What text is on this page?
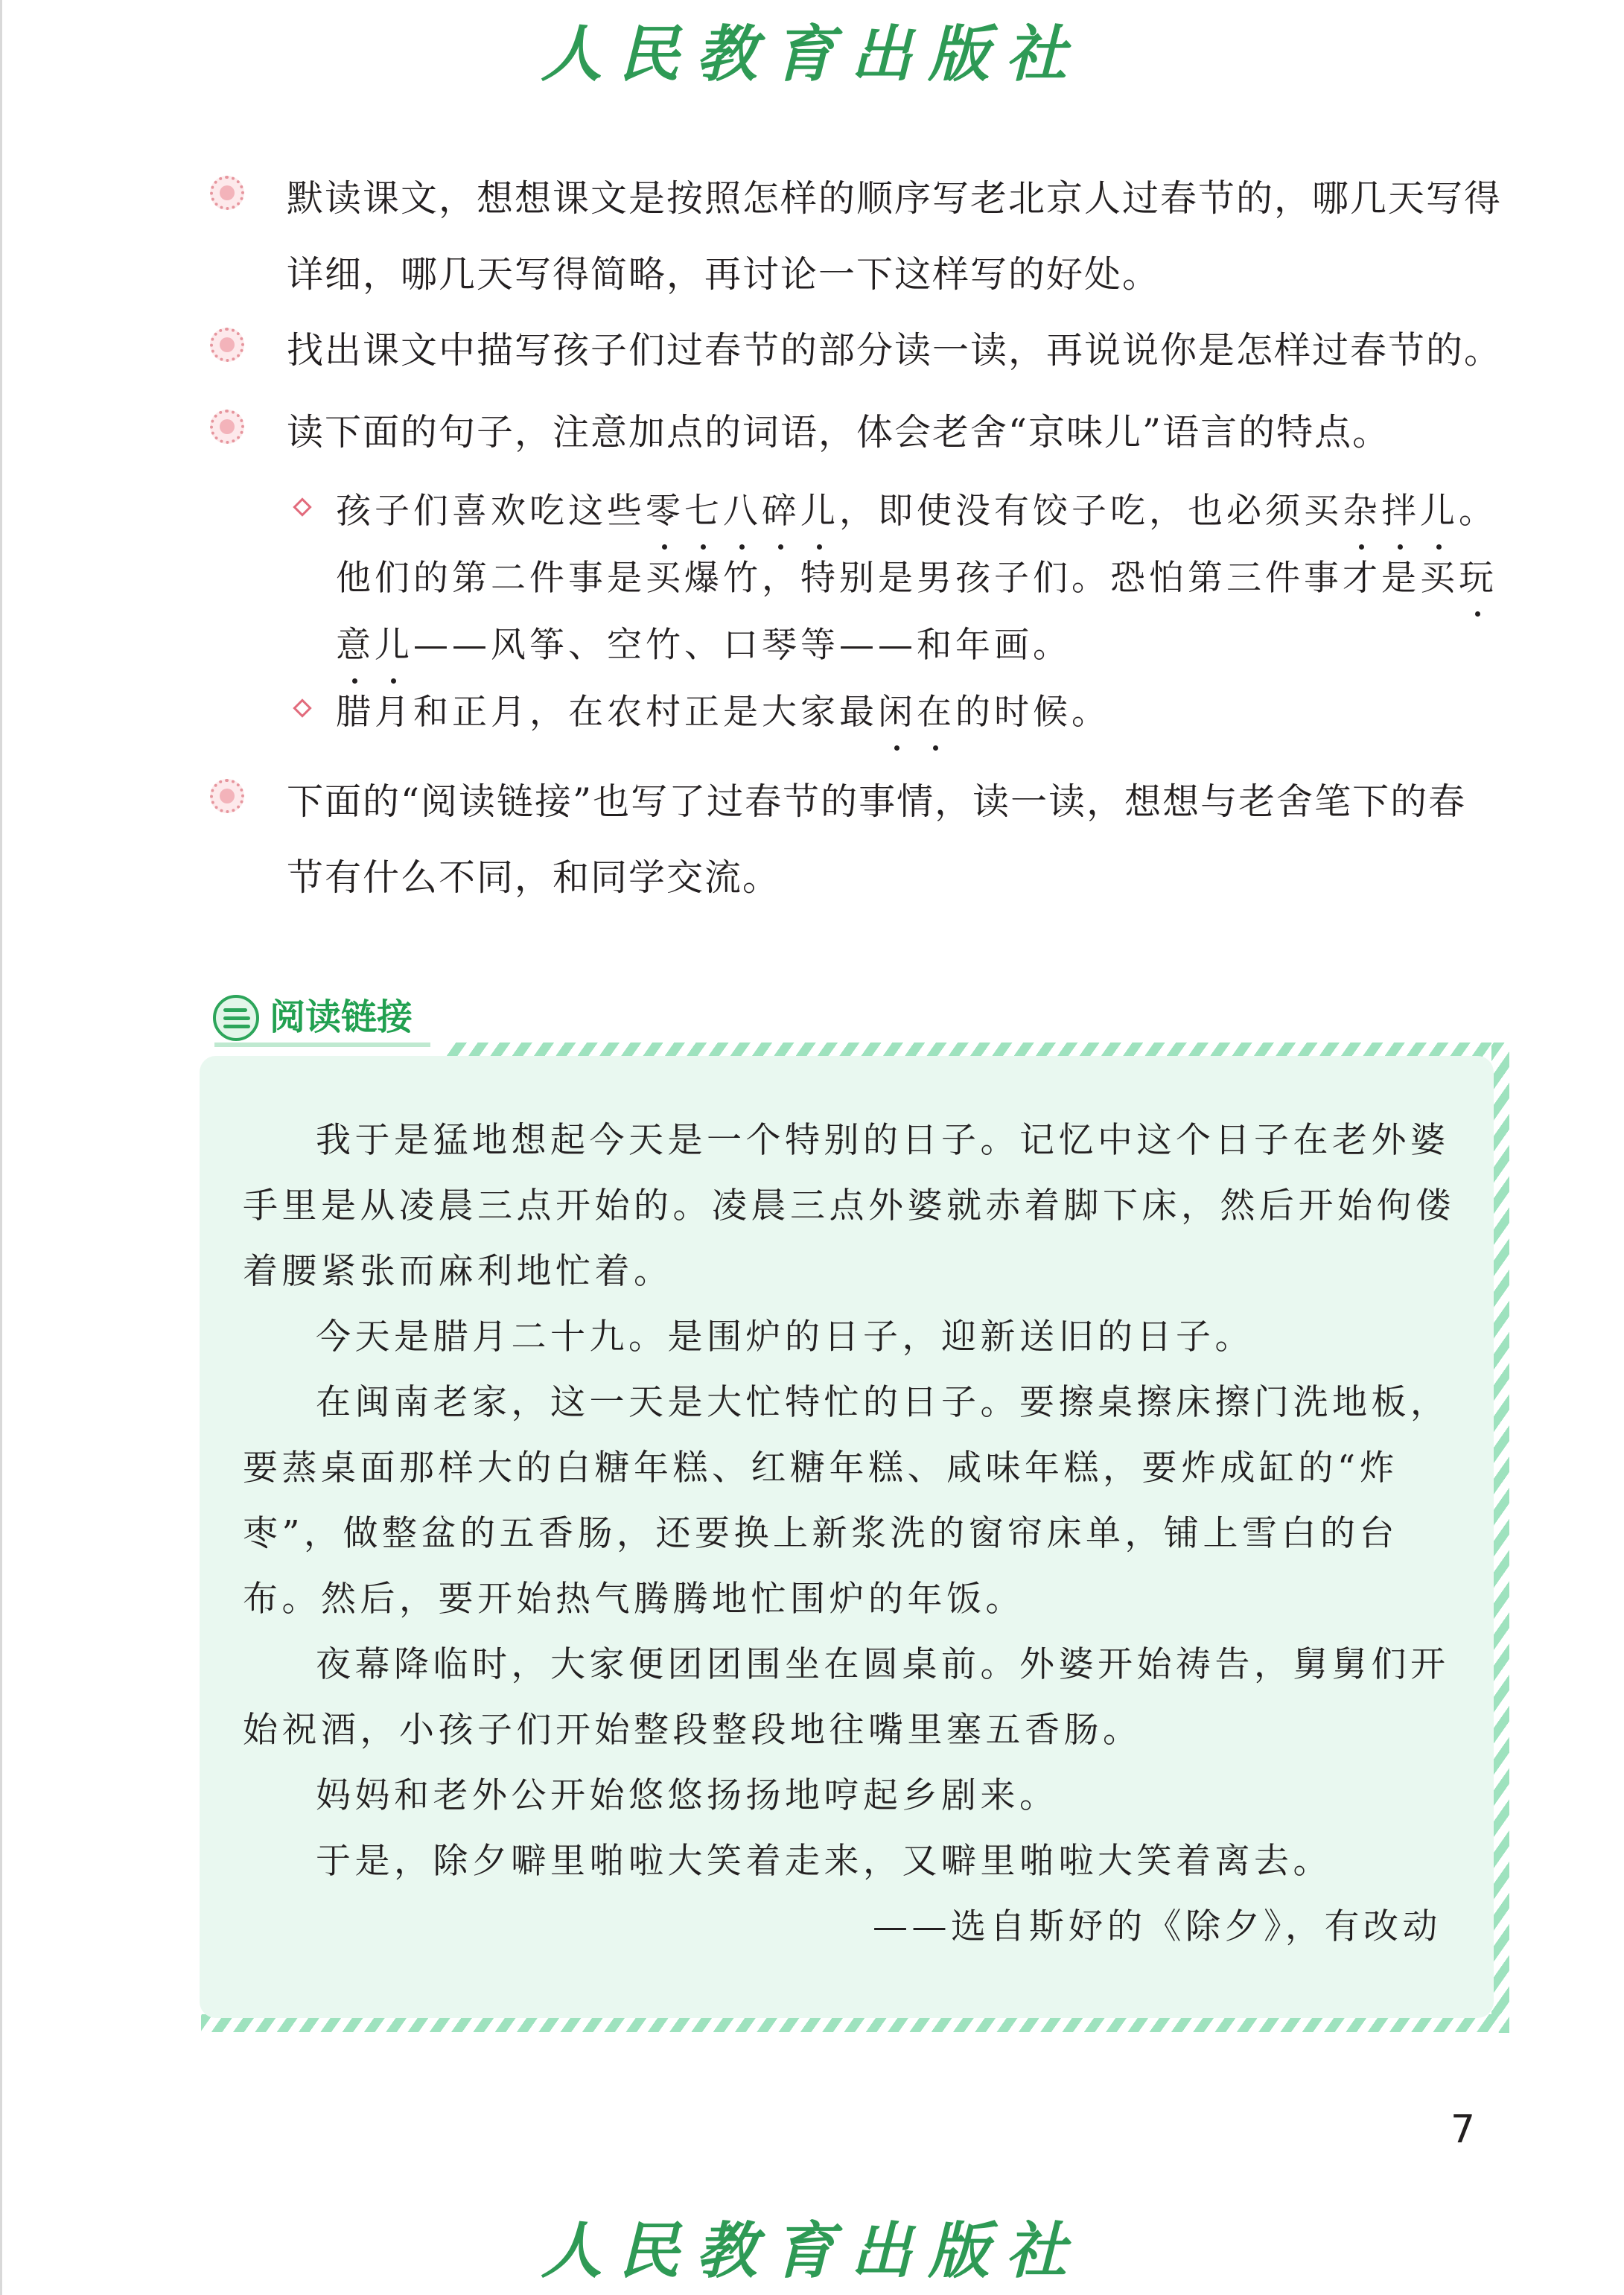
人民教育出版社
默读课文，想想课文是按照怎样的顺序写老北京人过春节的，哪几天写得
详细，哪几天写得简略，再讨论一下这样写的好处。
找出课文中描写孩子们过春节的部分读一读，再说说你是怎样过春节的。
读下面的句子，注意加点的词语，体会老舍“京味儿”语言的特点。
孩子们喜欢吃这些零七八碎儿，即使没有饺子吃，也必须买杂拌儿。
他们的第二件事是买爆竹，特别是男孩子们。恐怕第三件事才是买玩
意儿——风筝、空竹、口琴等——和年画。
腊月和正月，在农村正是大家最闲在的时候。
下面的“阅读链接”也写了过春节的事情，读一读，想想与老舍笔下的春
节有什么不同，和同学交流。
阅读链接

我于是猛地想起今天是一个特别的日子。记忆中这个日子在老外婆手里是从凌晨三点开始的。凌晨三点外婆就赤着脚下床，然后开始佝偻着腰紧张而麻利地忙着。

今天是腊月二十九。是围炉的日子，迎新送旧的日子。

在闽南老家，这一天是大忙特忙的日子。要擦桌擦床擦门洗地板，要蒸桌面那样大的白糖年糕、红糖年糕、咸味年糕，要炸成缸的“炸枣”，做整盆的五香肠，还要换上新浆洗的窗帘床单，铺上雪白的台布。然后，要开始热气腾腾地忙围炉的年饭。

夜幕降临时，大家便团团围坐在圆桌前。外婆开始祷告，舅舅们开始祝酒，小孩子们开始整段整段地往嘴里塞五香肠。

妈妈和老外公开始悠悠扬扬地哼起乡剧来。

于是，除夕噼里啪啦大笑着走来，又噼里啪啦大笑着离去。

——选自斯妤的《除夕》，有改动
7
人民教育出版社
